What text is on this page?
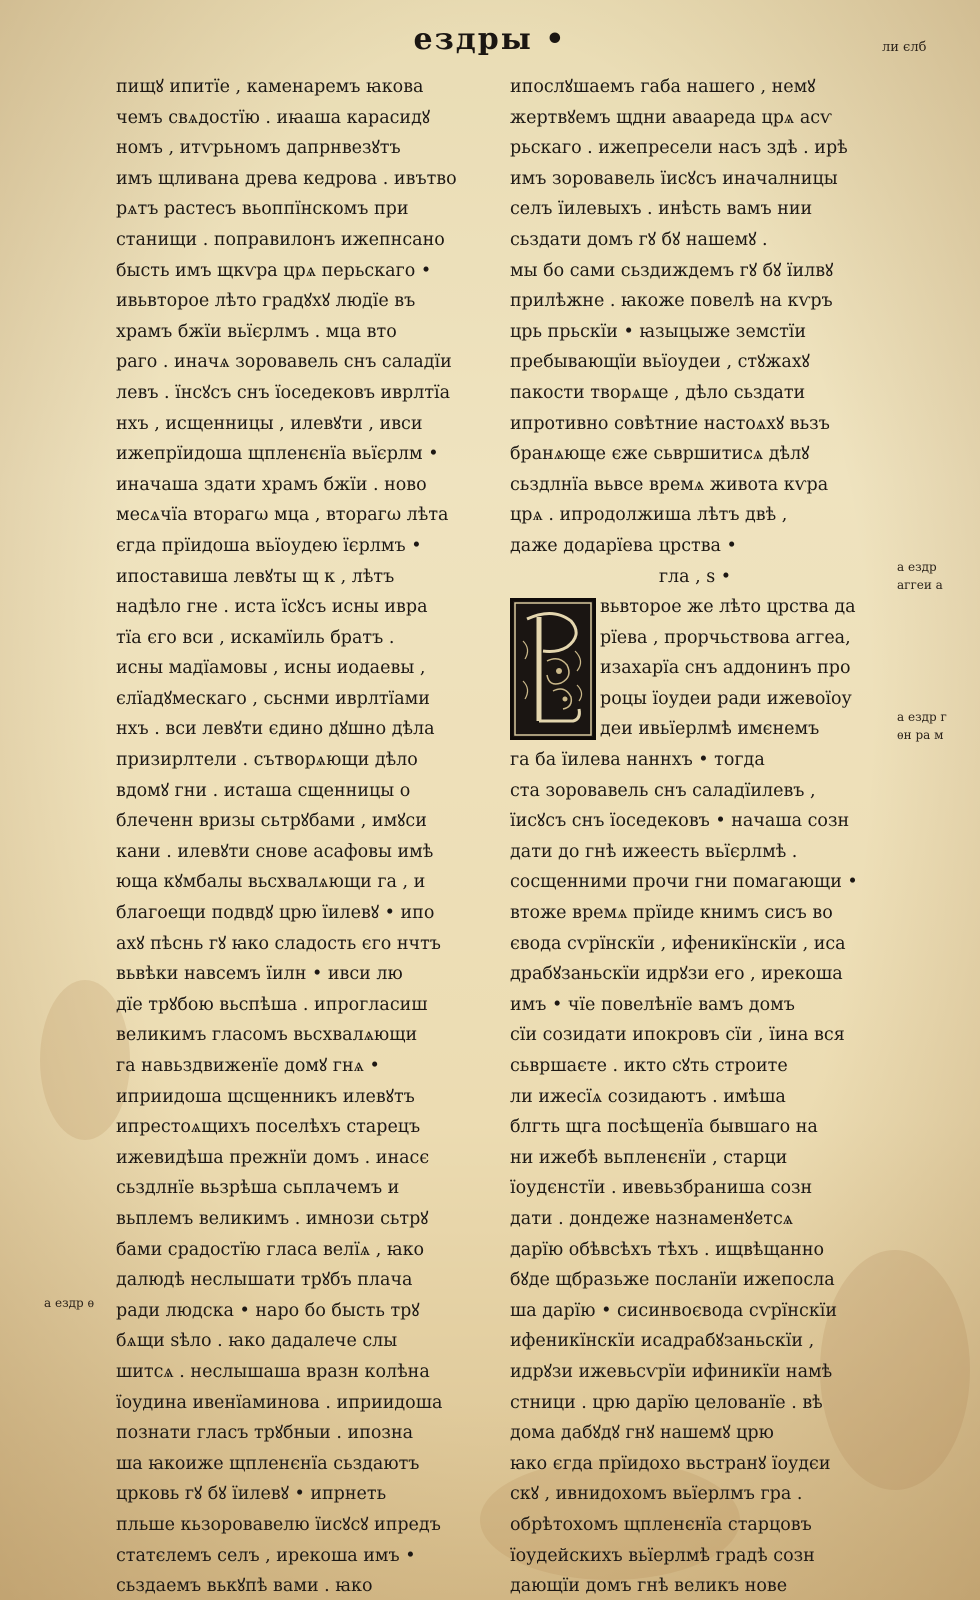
ездры •	ли єлб
пищꙋ ипитїе , каменаремъ ꙗкова
чемъ свѧдостїю . иꙗаша карасидꙋ
номъ , итѵрьномъ дапрнвезꙋтъ
имъ щливана древа кедрова . ивътво
рѧтъ растесъ вьоппїнскомъ при
станищи . поправилонъ ижепнсано
бысть имъ щкѵра црѧ перьскаго •
ивьвторое лѣто градꙋхꙋ людїе въ
храмъ бжїи вьїєрлмъ . мца вто
раго . иначѧ зоровавель снъ саладїи
левъ . їнсꙋсъ снъ їоседековъ иврлтїа
нхъ , исщенницы , илевꙋти , ивси
ижепрїидоша щпленєнїа вьїєрлм •
иначаша здати храмъ бжїи . ново
месѧчїа вторагω мца , вторагω лѣта
єгда прїидоша вьїоудею їєрлмъ •
ипоставиша левꙋты щ к , лѣтъ
надѣло гне . иста їсꙋсъ исны ивра
тїа єго вси , искамїиль братъ .
исны мадїамовы , исны иодаевы ,
єлїадꙋмескаго , сьснми иврлтїами
нхъ . вси левꙋти єдино дꙋшно дѣла
призирлтели . сътворѧющи дѣло
вдомꙋ гни . исташа сщенницы о
блеченн вризы сьтрꙋбами , имꙋси
кани . илевꙋти снове асафовы имѣ
юща кꙋмбалы вьсхвалѧющи га , и
благоещи подвдꙋ црю їилевꙋ • ипо
ахꙋ пѣснь гꙋ ꙗко сладость єго нчтъ
вьвѣки навсемъ їилн • ивси лю
дїе трꙋбою вьспѣша . ипрогласиш
великимъ гласомъ вьсхвалѧющи
га навьздвиженїе домꙋ гнѧ •
иприидоша щсщенникъ илевꙋтъ
ипрестоѧщихъ поселѣхъ старецъ
ижевидѣша прежнїи домъ . инасє
сьздлнїе вьзрѣша сьплачемъ и
вьплемъ великимъ . имнози сьтрꙋ
бами срадостїю гласа велїѧ , ꙗко
далюдѣ неслышати трꙋбъ плача
ради людска • наро бо бысть трꙋ
бѧщи ѕѣло . ꙗко дадалече слы
шитсѧ . неслышаша вразн колѣна
їоудина ивенїаминова . иприидоша
познати гласъ трꙋбныи . ипозна
ша ꙗкоиже щпленєнїа сьздаютъ
црковь гꙋ бꙋ їилевꙋ • ипрнеть
пльше кьзоровавелю їисꙋсꙋ ипредъ
статєлемъ селъ , ирекоша имъ •
сьздаемъ вькꙋпѣ вами . ꙗко
ипослꙋшаемъ габа нашего , немꙋ
жертвꙋемъ щдни аваареда црѧ асѵ
рьскаго . ижепресели насъ здѣ . ирѣ
имъ зоровавель їисꙋсъ иначалницы
селъ їилевыхъ . инѣсть вамъ нии
сьздати домъ гꙋ бꙋ нашемꙋ .
мы бо сами сьздиждемъ гꙋ бꙋ їилвꙋ
прилѣжне . ꙗкоже повелѣ на кѵръ
црь прьскїи • ꙗзыцыже земстїи
пребывающїи вьїоудеи , стꙋжахꙋ
пакости творѧще , дѣло сьздати
ипротивно совѣтние настоѧхꙋ вьзъ
бранѧюще єже сьвршитисѧ дѣлꙋ
сьздлнїа вьвсе времѧ живота кѵра
црѧ . ипродолжиша лѣтъ двѣ ,
даже додарїева црства •
гла , ѕ •
вьвторое же лѣто црства да
рїева , прорчьствова аггеа,
изахарїа снъ аддонинъ про
роцы їоудеи ради ижевоїоу
деи ивьїерлмѣ имєнемъ
га ба їилева наннхъ • тогда
ста зоровавель снъ саладїилевъ ,
їисꙋсъ снъ їоседековъ • начаша созн
дати до гнѣ ижеесть вьїєрлмѣ .
сосщенними прочи гни помагающи •
втоже времѧ прїиде книмъ сисъ во
єводa сѵрїнскїи , ифеникїнскїи , иса
драбꙋзаньскїи идрꙋзи его , ирекоша
имъ • чїе повелѣнїе вамъ домъ
сїи созидати ипокровъ сїи , їина вся
сьвршаєте . икто сꙋть строите
ли ижесїѧ созидаютъ . имѣша
блгть щга посѣщенїа бывшаго на
ни ижебѣ вьпленєнїи , старци
їоудєнстїи . ивевьзбраниша созн
дати . дондеже назнаменꙋетсѧ
дарїю обѣвсѣхъ тѣхъ . ищвѣщанно
бꙋде щбразьже посланїи ижепосла
ша дарїю • сисинвоєвода сѵрїнскїи
ифеникїнскїи исадрабꙋзаньскїи ,
идрꙋзи ижевьсѵрїи ифиникїи намѣ
стници . црю дарїю целованїе . вѣ
дома дабꙋдꙋ гнꙋ нашемꙋ црю
ꙗко єгда прїидохо вьстранꙋ їоудєи
скꙋ , ивнидохомъ вьїерлмъ гра .
обрѣтохомъ щпленєнїа старцовъ
їоудейскихъ вьїерлмѣ градѣ созн
дающїи домъ гнѣ великъ нове
а ездр
аггеи а
а ездр г
ѳн ра м
а ездр ѳ
